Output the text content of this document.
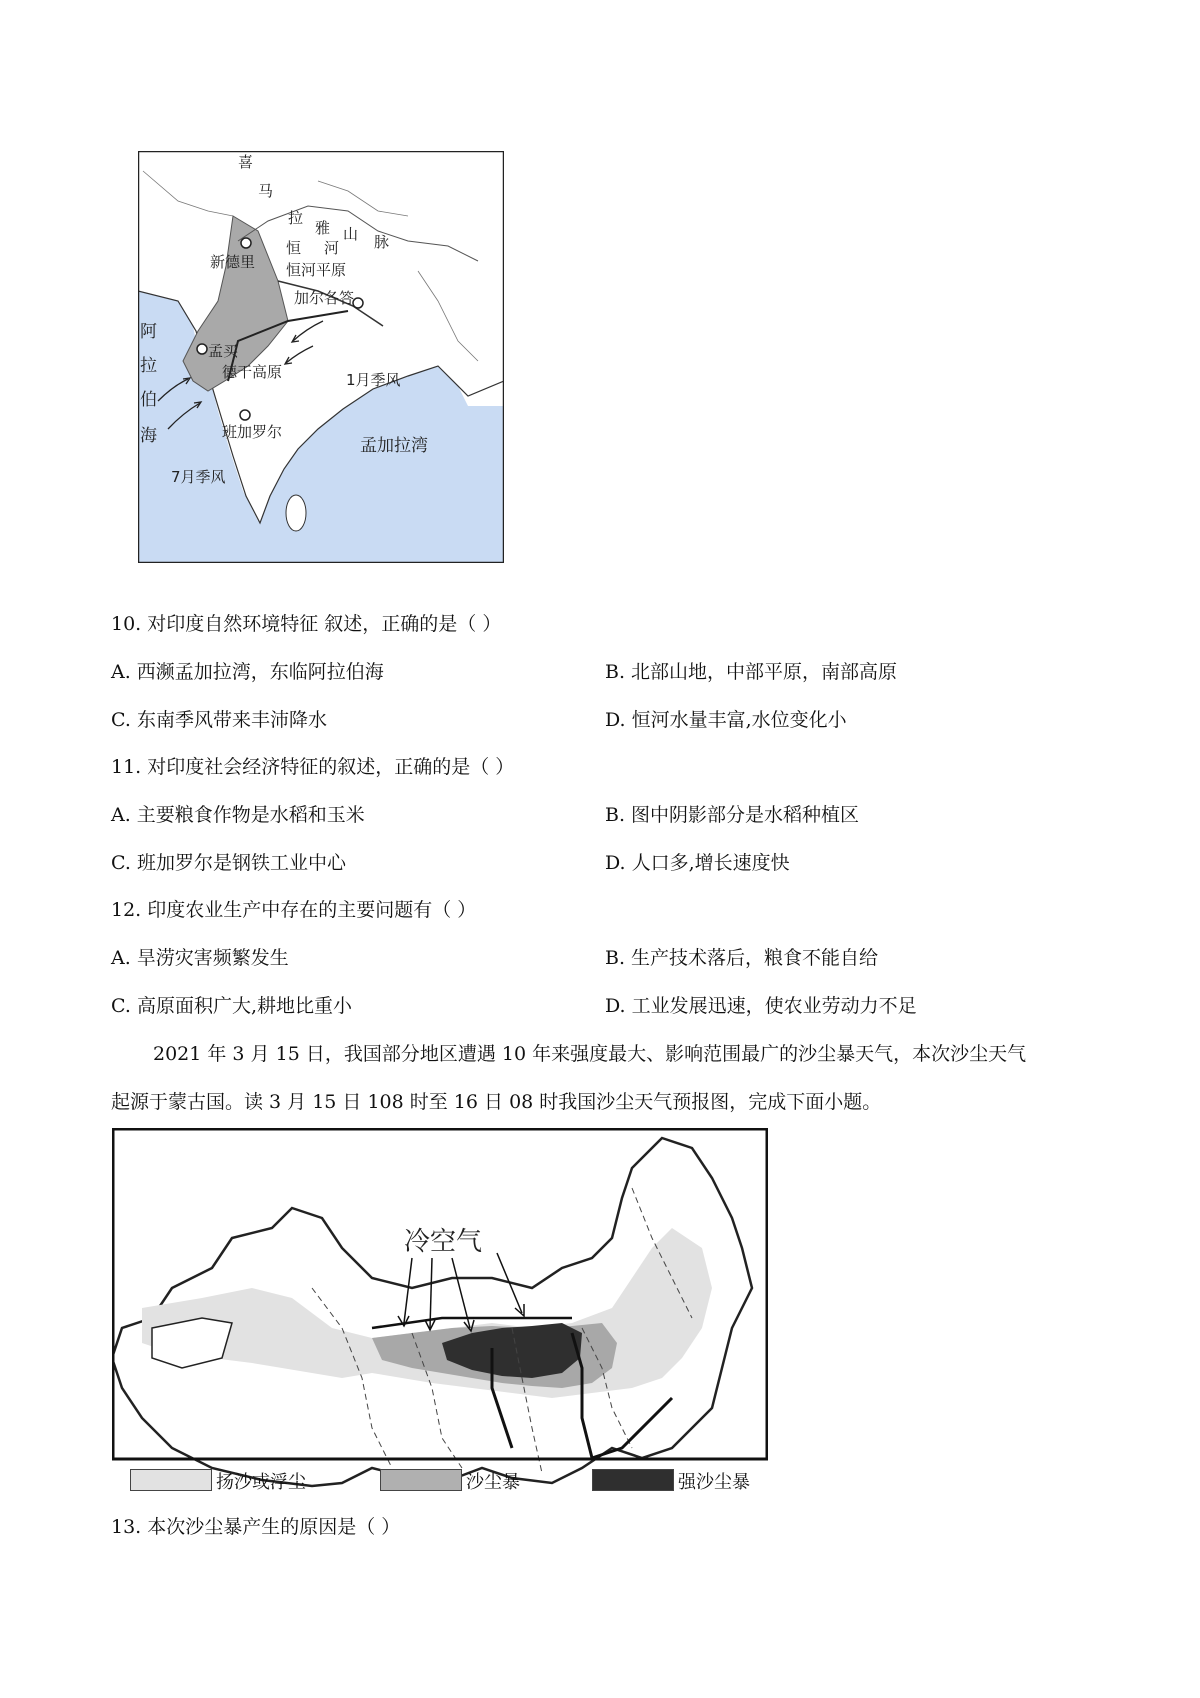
喜
马
拉
雅 山 脉
恒 河
新德里 恒河平原
加尔各答
阿
拉
伯
海
孟买
德干高原	1月季风
班加罗尔
孟加拉湾
7月季风
10. 对印度自然环境特征 叙述，正确的是（ ）
A. 西濒孟加拉湾，东临阿拉伯海	B. 北部山地，中部平原，南部高原
C. 东南季风带来丰沛降水	D. 恒河水量丰富,水位变化小
11. 对印度社会经济特征的叙述，正确的是（ ）
A. 主要粮食作物是水稻和玉米	B. 图中阴影部分是水稻种植区
C. 班加罗尔是钢铁工业中心	D. 人口多,增长速度快
12. 印度农业生产中存在的主要问题有（ ）
A. 旱涝灾害频繁发生	B. 生产技术落后，粮食不能自给
C. 高原面积广大,耕地比重小	D. 工业发展迅速，使农业劳动力不足
2021 年 3 月 15 日，我国部分地区遭遇 10 年来强度最大、影响范围最广的沙尘暴天气，本次沙尘天气
起源于蒙古国。读 3 月 15 日 108 时至 16 日 08 时我国沙尘天气预报图，完成下面小题。
冷空气
扬沙或浮尘	沙尘暴	强沙尘暴
13. 本次沙尘暴产生的原因是（ ）
